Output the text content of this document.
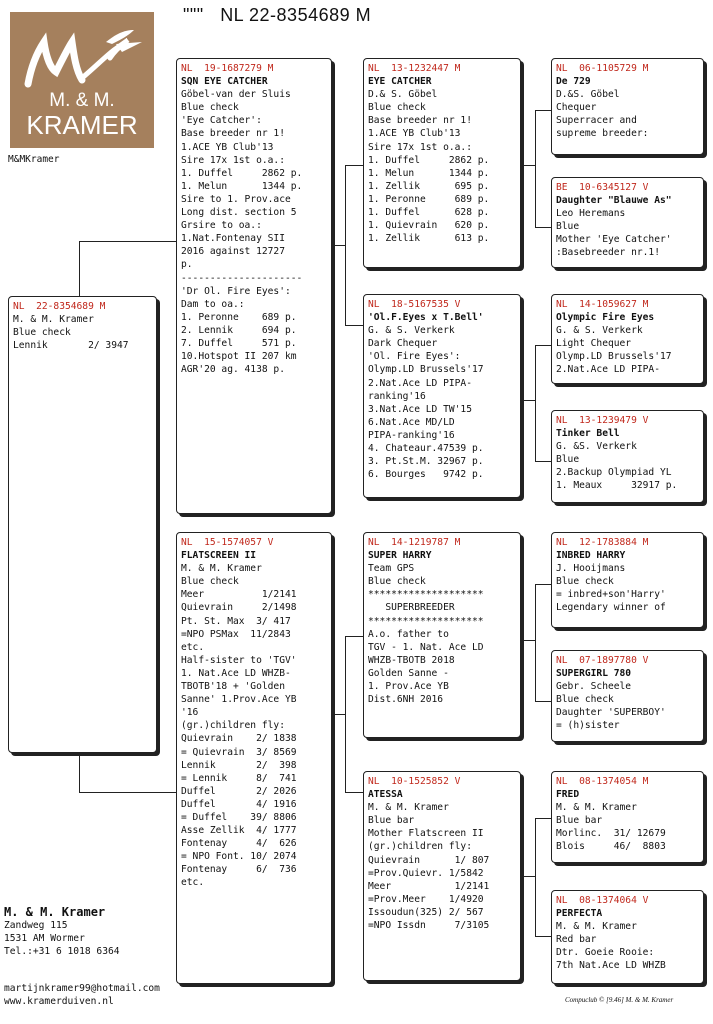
""" NL 22-8354689 M
M. & M.
KRAMER
M&MKramer
NL  22-8354689 M
M. & M. Kramer
Blue check
Lennik       2/ 3947
NL  19-1687279 M
SQN EYE CATCHER
Göbel-van der Sluis
Blue check
'Eye Catcher':
Base breeder nr 1!
1.ACE YB Club'13
Sire 17x 1st o.a.:
1. Duffel     2862 p.
1. Melun      1344 p.
Sire to 1. Prov.ace
Long dist. section 5
Grsire to oa.:
1.Nat.Fontenay SII
2016 against 12727
p.
---------------------
'Dr Ol. Fire Eyes':
Dam to oa.:
1. Peronne    689 p.
2. Lennik     694 p.
7. Duffel     571 p.
10.Hotspot II 207 km
AGR'20 ag. 4138 p.
NL  15-1574057 V
FLATSCREEN II
M. & M. Kramer
Blue check
Meer          1/2141
Quievrain     2/1498
Pt. St. Max  3/ 417
=NPO PSMax  11/2843
etc.
Half-sister to 'TGV'
1. Nat.Ace LD WHZB-
TBOTB'18 + 'Golden
Sanne' 1.Prov.Ace YB
'16
(gr.)children fly:
Quievrain    2/ 1838
= Quievrain  3/ 8569
Lennik       2/  398
= Lennik     8/  741
Duffel       2/ 2026
Duffel       4/ 1916
= Duffel    39/ 8806
Asse Zellik  4/ 1777
Fontenay     4/  626
= NPO Font. 10/ 2074
Fontenay     6/  736
etc.
NL  13-1232447 M
EYE CATCHER
D.& S. Göbel
Blue check
Base breeder nr 1!
1.ACE YB Club'13
Sire 17x 1st o.a.:
1. Duffel     2862 p.
1. Melun      1344 p.
1. Zellik      695 p.
1. Peronne     689 p.
1. Duffel      628 p.
1. Quievrain   620 p.
1. Zellik      613 p.
NL  18-5167535 V
'Ol.F.Eyes x T.Bell'
G. & S. Verkerk
Dark Chequer
'Ol. Fire Eyes':
Olymp.LD Brussels'17
2.Nat.Ace LD PIPA-
ranking'16
3.Nat.Ace LD TW'15
6.Nat.Ace MD/LD
PIPA-ranking'16
4. Chateaur.47539 p.
3. Pt.St.M. 32967 p.
6. Bourges   9742 p.
NL  14-1219787 M
SUPER HARRY
Team GPS
Blue check
********************
SUPERBREEDER
********************
A.o. father to
TGV - 1. Nat. Ace LD
WHZB-TBOTB 2018
Golden Sanne -
1. Prov.Ace YB
Dist.6NH 2016
NL  10-1525852 V
ATESSA
M. & M. Kramer
Blue bar
Mother Flatscreen II
(gr.)children fly:
Quievrain      1/ 807
=Prov.Quievr. 1/5842
Meer           1/2141
=Prov.Meer    1/4920
Issoudun(325) 2/ 567
=NPO Issdn     7/3105
NL  06-1105729 M
De 729
D.&S. Göbel
Chequer
Superracer and
supreme breeder:
BE  10-6345127 V
Daughter "Blauwe As"
Leo Heremans
Blue
Mother 'Eye Catcher'
:Basebreeder nr.1!
NL  14-1059627 M
Olympic Fire Eyes
G. & S. Verkerk
Light Chequer
Olymp.LD Brussels'17
2.Nat.Ace LD PIPA-
NL  13-1239479 V
Tinker Bell
G. &S. Verkerk
Blue
2.Backup Olympiad YL
1. Meaux     32917 p.
NL  12-1783884 M
INBRED HARRY
J. Hooijmans
Blue check
= inbred+son'Harry'
Legendary winner of
NL  07-1897780 V
SUPERGIRL 780
Gebr. Scheele
Blue check
Daughter 'SUPERBOY'
= (h)sister
NL  08-1374054 M
FRED
M. & M. Kramer
Blue bar
Morlinc.  31/ 12679
Blois     46/  8803
NL  08-1374064 V
PERFECTA
M. & M. Kramer
Red bar
Dtr. Goeie Rooie:
7th Nat.Ace LD WHZB
M. & M. Kramer
Zandweg 115
1531 AM Wormer
Tel.:+31 6 1018 6364
martijnkramer99@hotmail.com
www.kramerduiven.nl	Compuclub © [9.46] M. & M. Kramer
